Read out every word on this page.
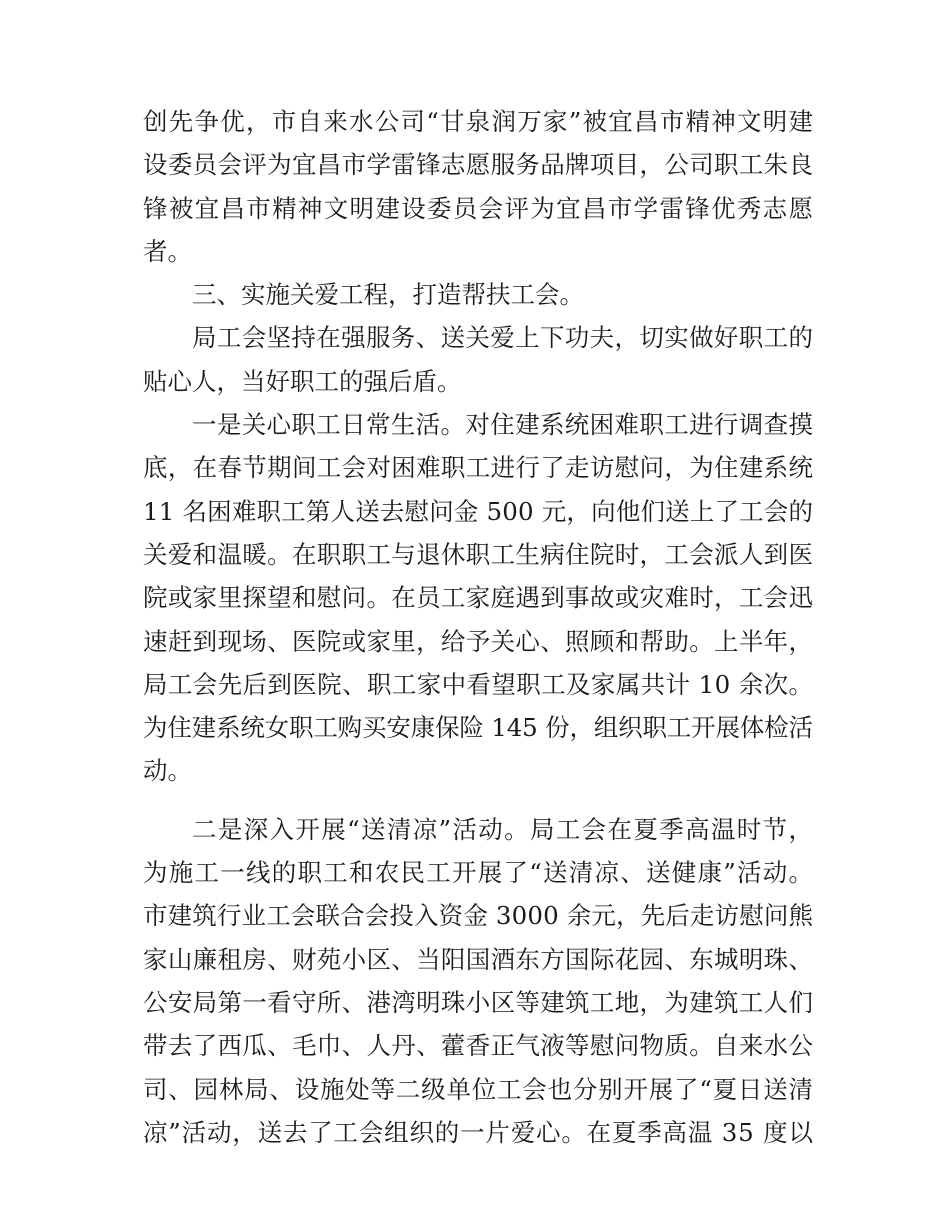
创先争优，市自来水公司“甘泉润万家”被宜昌市精神文明建
设委员会评为宜昌市学雷锋志愿服务品牌项目，公司职工朱良
锋被宜昌市精神文明建设委员会评为宜昌市学雷锋优秀志愿
者。
三、实施关爱工程，打造帮扶工会。
局工会坚持在强服务、送关爱上下功夫，切实做好职工的
贴心人，当好职工的强后盾。
一是关心职工日常生活。对住建系统困难职工进行调查摸
底，在春节期间工会对困难职工进行了走访慰问，为住建系统
11 名困难职工第人送去慰问金 500 元，向他们送上了工会的
关爱和温暖。在职职工与退休职工生病住院时，工会派人到医
院或家里探望和慰问。在员工家庭遇到事故或灾难时，工会迅
速赶到现场、医院或家里，给予关心、照顾和帮助。上半年，
局工会先后到医院、职工家中看望职工及家属共计 10 余次。
为住建系统女职工购买安康保险 145 份，组织职工开展体检活
动。
二是深入开展“送清凉”活动。局工会在夏季高温时节，
为施工一线的职工和农民工开展了“送清凉、送健康”活动。
市建筑行业工会联合会投入资金 3000 余元，先后走访慰问熊
家山廉租房、财苑小区、当阳国酒东方国际花园、东城明珠、
公安局第一看守所、港湾明珠小区等建筑工地，为建筑工人们
带去了西瓜、毛巾、人丹、藿香正气液等慰问物质。自来水公
司、园林局、设施处等二级单位工会也分别开展了“夏日送清
凉”活动，送去了工会组织的一片爱心。在夏季高温 35 度以
